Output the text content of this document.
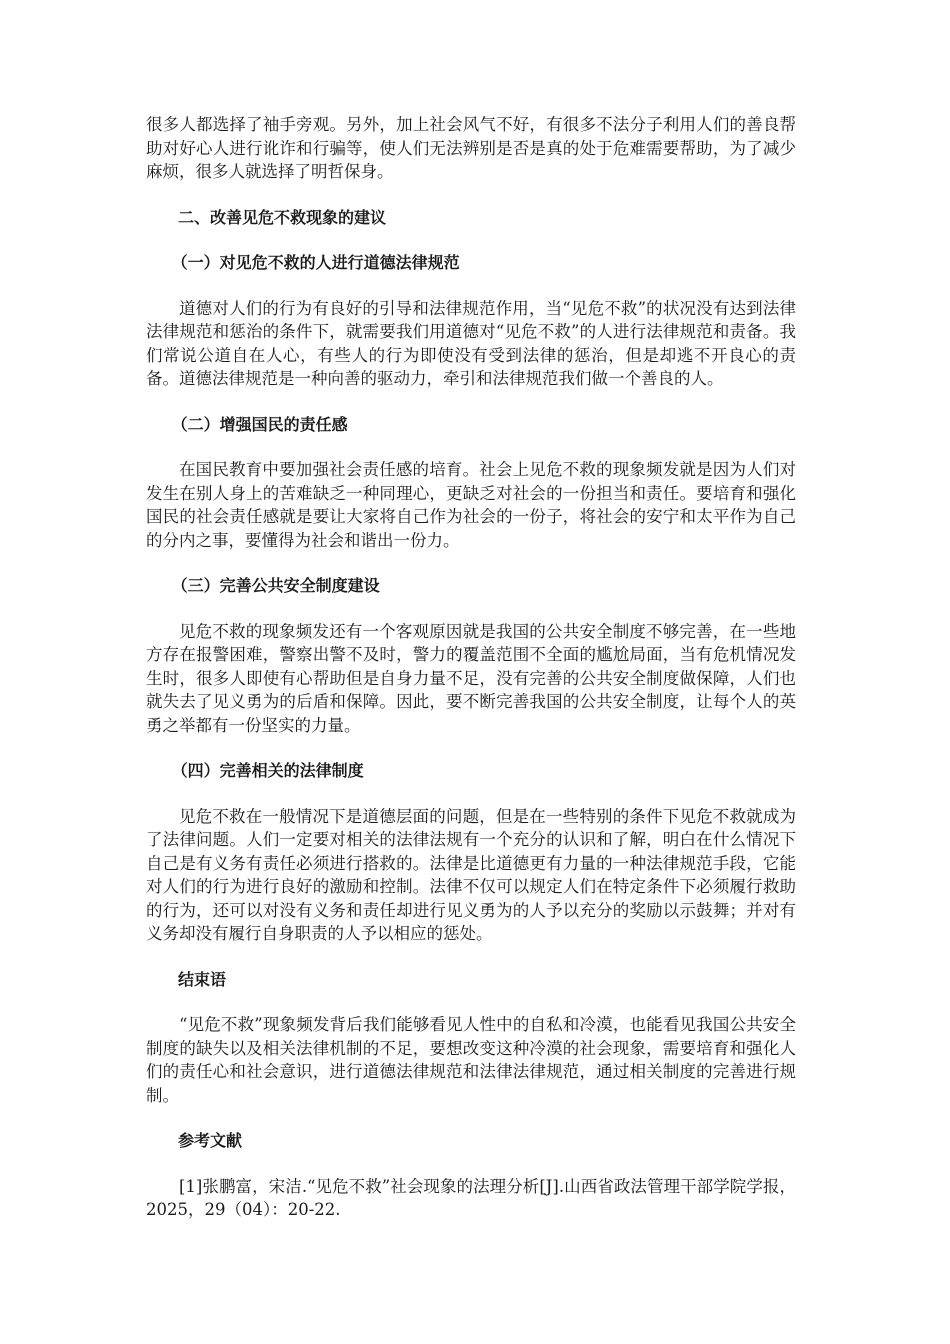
很多人都选择了袖手旁观。另外，加上社会风气不好，有很多不法分子利用人们的善良帮助对好心人进行讹诈和行骗等，使人们无法辨别是否是真的处于危难需要帮助，为了减少麻烦，很多人就选择了明哲保身。

二、改善见危不救现象的建议

（一）对见危不救的人进行道德法律规范

道德对人们的行为有良好的引导和法律规范作用，当“见危不救”的状况没有达到法律法律规范和惩治的条件下，就需要我们用道德对“见危不救”的人进行法律规范和责备。我们常说公道自在人心，有些人的行为即使没有受到法律的惩治，但是却逃不开良心的责备。道德法律规范是一种向善的驱动力，牵引和法律规范我们做一个善良的人。

（二）增强国民的责任感

在国民教育中要加强社会责任感的培育。社会上见危不救的现象频发就是因为人们对发生在别人身上的苦难缺乏一种同理心，更缺乏对社会的一份担当和责任。要培育和强化国民的社会责任感就是要让大家将自己作为社会的一份子，将社会的安宁和太平作为自己的分内之事，要懂得为社会和谐出一份力。

（三）完善公共安全制度建设

见危不救的现象频发还有一个客观原因就是我国的公共安全制度不够完善，在一些地方存在报警困难，警察出警不及时，警力的覆盖范围不全面的尴尬局面，当有危机情况发生时，很多人即使有心帮助但是自身力量不足，没有完善的公共安全制度做保障，人们也就失去了见义勇为的后盾和保障。因此，要不断完善我国的公共安全制度，让每个人的英勇之举都有一份坚实的力量。

（四）完善相关的法律制度

见危不救在一般情况下是道德层面的问题，但是在一些特别的条件下见危不救就成为了法律问题。人们一定要对相关的法律法规有一个充分的认识和了解，明白在什么情况下自己是有义务有责任必须进行搭救的。法律是比道德更有力量的一种法律规范手段，它能对人们的行为进行良好的激励和控制。法律不仅可以规定人们在特定条件下必须履行救助的行为，还可以对没有义务和责任却进行见义勇为的人予以充分的奖励以示鼓舞；并对有义务却没有履行自身职责的人予以相应的惩处。

结束语

“见危不救”现象频发背后我们能够看见人性中的自私和冷漠，也能看见我国公共安全制度的缺失以及相关法律机制的不足，要想改变这种冷漠的社会现象，需要培育和强化人们的责任心和社会意识，进行道德法律规范和法律法律规范，通过相关制度的完善进行规制。

参考文献

[1]张鹏富，宋洁.“见危不救”社会现象的法理分析[J].山西省政法管理干部学院学报，2025，29（04）：20-22.
